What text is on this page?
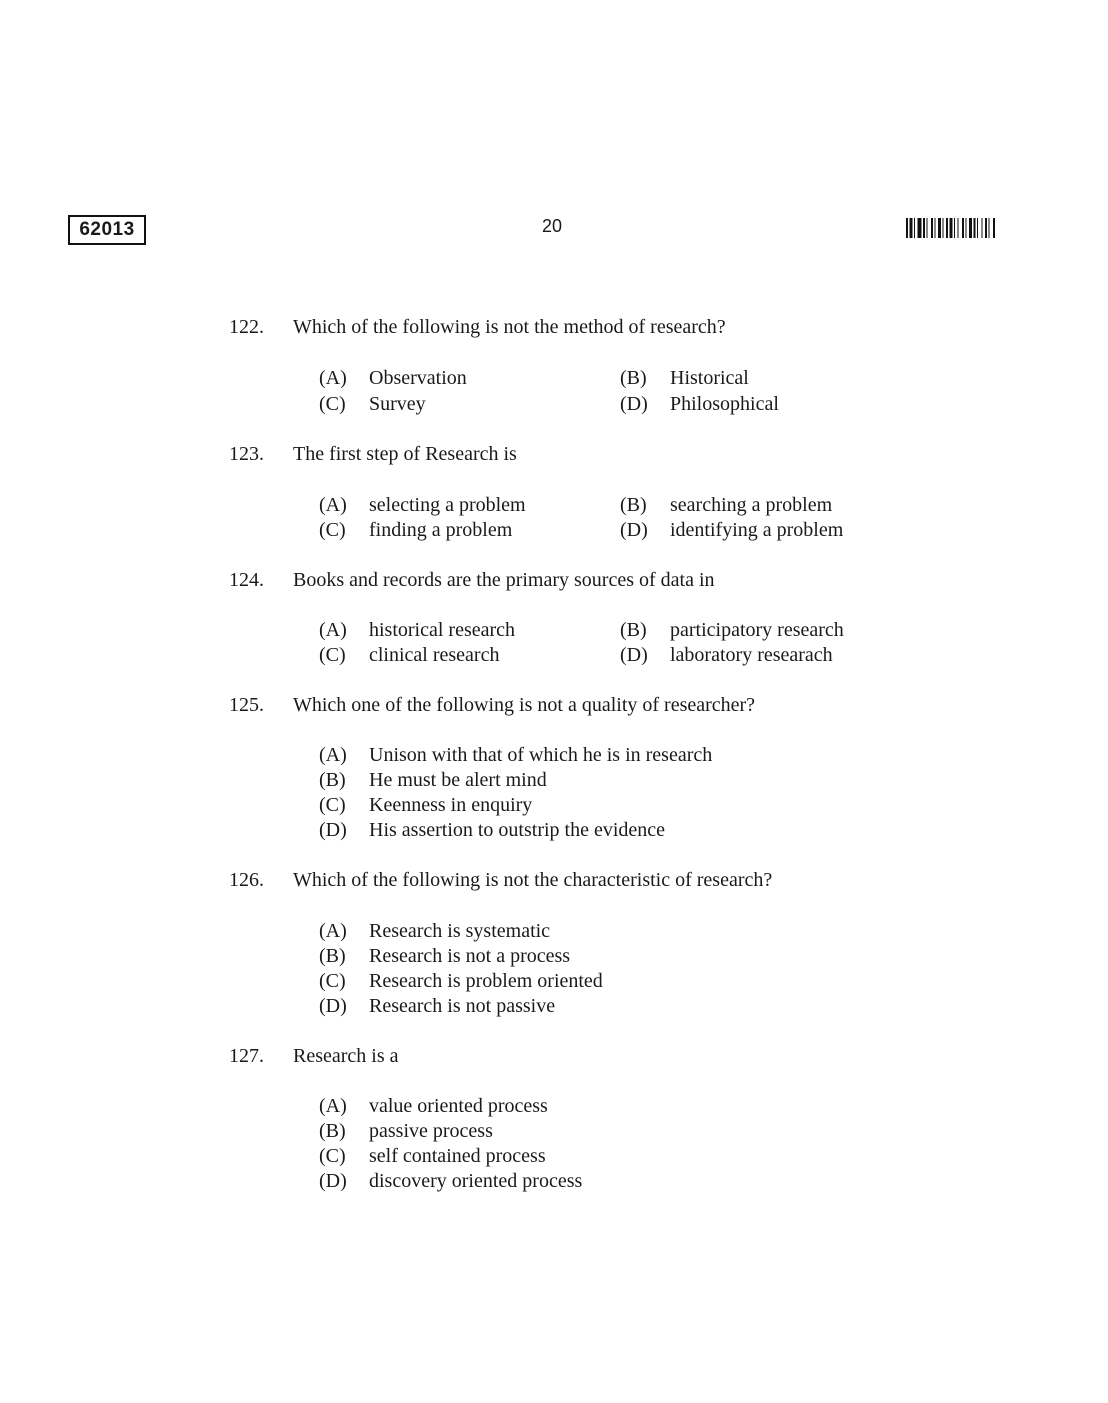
62013	20
122. Which of the following is not the method of research?
(A) Observation	(B) Historical
(C) Survey	(D) Philosophical
123. The first step of Research is
(A) selecting a problem	(B) searching a problem
(C) finding a problem	(D) identifying a problem
124. Books and records are the primary sources of data in
(A) historical research	(B) participatory research
(C) clinical research	(D) laboratory researach
125. Which one of the following is not a quality of researcher?
(A) Unison with that of which he is in research
(B) He must be alert mind
(C) Keenness in enquiry
(D) His assertion to outstrip the evidence
126. Which of the following is not the characteristic of research?
(A) Research is systematic
(B) Research is not a process
(C) Research is problem oriented
(D) Research is not passive
127. Research is a
(A) value oriented process
(B) passive process
(C) self contained process
(D) discovery oriented process
